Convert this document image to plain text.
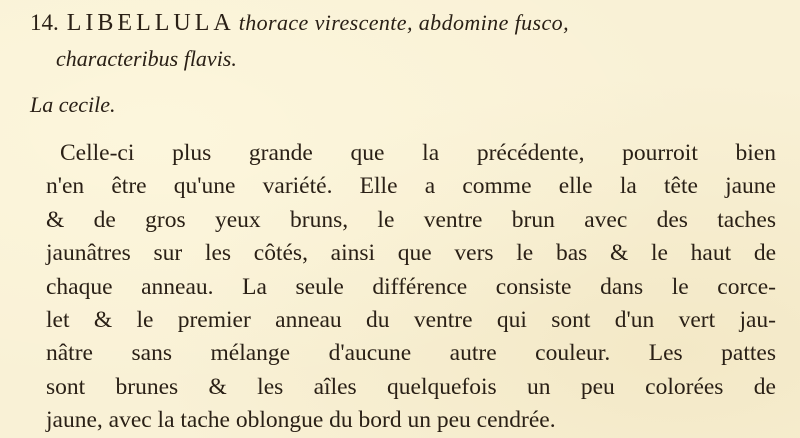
14. LIBELLULA thorace virescente, abdomine fusco,
characteribus flavis.
La cecile.
Celle-ci plus grande que la précédente, pourroit bien
n'en être qu'une variété. Elle a comme elle la tête jaune
& de gros yeux bruns, le ventre brun avec des taches
jaunâtres sur les côtés, ainsi que vers le bas & le haut de
chaque anneau. La seule différence consiste dans le corce-
let & le premier anneau du ventre qui sont d'un vert jau-
nâtre sans mélange d'aucune autre couleur. Les pattes
sont brunes & les aîles quelquefois un peu colorées de
jaune, avec la tache oblongue du bord un peu cendrée.
